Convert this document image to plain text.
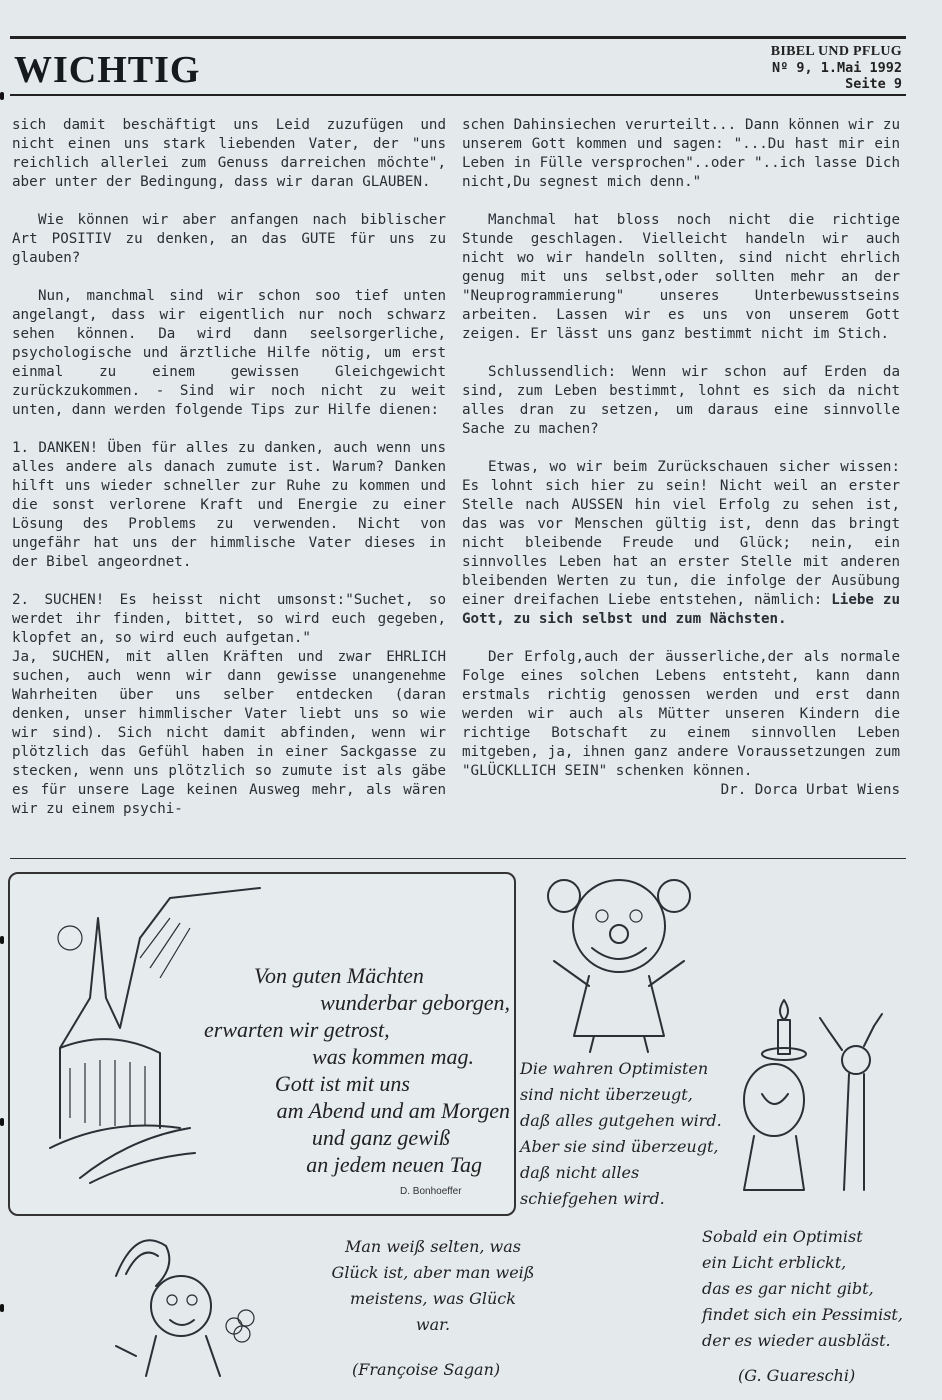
WICHTIG	BIBEL UND PFLUG
Nº 9, 1.Mai 1992
Seite 9

sich damit beschäftigt uns Leid zuzufügen und nicht einen uns stark liebenden Vater, der "uns reichlich allerlei zum Genuss darreichen möchte", aber unter der Bedingung, dass wir daran GLAUBEN.

Wie können wir aber anfangen nach biblischer Art POSITIV zu denken, an das GUTE für uns zu glauben?

Nun, manchmal sind wir schon soo tief unten angelangt, dass wir eigentlich nur noch schwarz sehen können. Da wird dann seelsorgerliche, psychologische und ärztliche Hilfe nötig, um erst einmal zu einem gewissen Gleichgewicht zurückzukommen. - Sind wir noch nicht zu weit unten, dann werden folgende Tips zur Hilfe dienen:

1. DANKEN! Üben für alles zu danken, auch wenn uns alles andere als danach zumute ist. Warum? Danken hilft uns wieder schneller zur Ruhe zu kommen und die sonst verlorene Kraft und Energie zu einer Lösung des Problems zu verwenden. Nicht von ungefähr hat uns der himmlische Vater dieses in der Bibel angeordnet.

2. SUCHEN! Es heisst nicht umsonst:"Suchet, so werdet ihr finden, bittet, so wird euch gegeben, klopfet an, so wird euch aufgetan."

Ja, SUCHEN, mit allen Kräften und zwar EHRLICH suchen, auch wenn wir dann gewisse unangenehme Wahrheiten über uns selber entdecken (daran denken, unser himmlischer Vater liebt uns so wie wir sind). Sich nicht damit abfinden, wenn wir plötzlich das Gefühl haben in einer Sackgasse zu stecken, wenn uns plötzlich so zumute ist als gäbe es für unsere Lage keinen Ausweg mehr, als wären wir zu einem psychi-

schen Dahinsiechen verurteilt... Dann können wir zu unserem Gott kommen und sagen: "...Du hast mir ein Leben in Fülle versprochen"..oder "..ich lasse Dich nicht,Du segnest mich denn."

Manchmal hat bloss noch nicht die richtige Stunde geschlagen. Vielleicht handeln wir auch nicht wo wir handeln sollten, sind nicht ehrlich genug mit uns selbst,oder sollten mehr an der "Neuprogrammierung" unseres Unterbewusstseins arbeiten. Lassen wir es uns von unserem Gott zeigen. Er lässt uns ganz bestimmt nicht im Stich.

Schlussendlich: Wenn wir schon auf Erden da sind, zum Leben bestimmt, lohnt es sich da nicht alles dran zu setzen, um daraus eine sinnvolle Sache zu machen?

Etwas, wo wir beim Zurückschauen sicher wissen: Es lohnt sich hier zu sein! Nicht weil an erster Stelle nach AUSSEN hin viel Erfolg zu sehen ist, das was vor Menschen gültig ist, denn das bringt nicht bleibende Freude und Glück; nein, ein sinnvolles Leben hat an erster Stelle mit anderen bleibenden Werten zu tun, die infolge der Ausübung einer dreifachen Liebe entstehen, nämlich: Liebe zu Gott, zu sich selbst und zum Nächsten.

Der Erfolg,auch der äusserliche,der als normale Folge eines solchen Lebens entsteht, kann dann erstmals richtig genossen werden und erst dann werden wir auch als Mütter unseren Kindern die richtige Botschaft zu einem sinnvollen Leben mitgeben, ja, ihnen ganz andere Voraussetzungen zum "GLÜCKLLICH SEIN" schenken können.

Dr. Dorca Urbat Wiens

Von guten Mächten
wunderbar geborgen,
erwarten wir getrost,
was kommen mag.
Gott ist mit uns
am Abend und am Morgen
und ganz gewiß
an jedem neuen Tag
D. Bonhoeffer
Die wahren Optimisten
sind nicht überzeugt,
daß alles gutgehen wird.
Aber sie sind überzeugt,
daß nicht alles
schiefgehen wird.
Sobald ein Optimist
ein Licht erblickt,
das es gar nicht gibt,
findet sich ein Pessimist,
der es wieder ausbläst.
(G. Guareschi)
Man weiß selten, was
Glück ist, aber man weiß
meistens, was Glück
war.
(Françoise Sagan)
